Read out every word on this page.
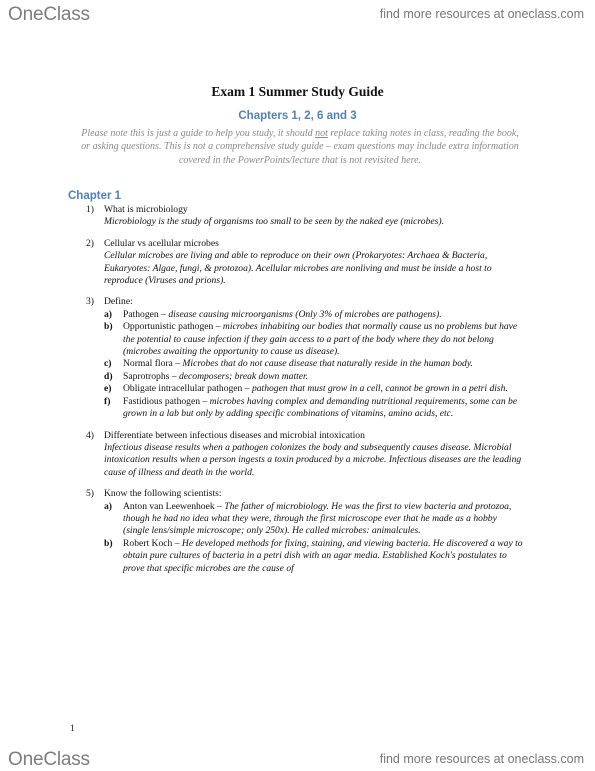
OneClass	find more resources at oneclass.com
Exam 1 Summer Study Guide
Chapters 1, 2, 6 and 3
Please note this is just a guide to help you study, it should not replace taking notes in class, reading the book, or asking questions. This is not a comprehensive study guide – exam questions may include extra information covered in the PowerPoints/lecture that is not revisited here.
Chapter 1
1) What is microbiology
Microbiology is the study of organisms too small to be seen by the naked eye (microbes).
2) Cellular vs acellular microbes
Cellular microbes are living and able to reproduce on their own (Prokaryotes: Archaea & Bacteria, Eukaryotes: Algae, fungi, & protozoa). Acellular microbes are nonliving and must be inside a host to reproduce (Viruses and prions).
3) Define:
a) Pathogen – disease causing microorganisms (Only 3% of microbes are pathogens).
b) Opportunistic pathogen – microbes inhabiting our bodies that normally cause us no problems but have the potential to cause infection if they gain access to a part of the body where they do not belong (microbes awaiting the opportunity to cause us disease).
c) Normal flora – Microbes that do not cause disease that naturally reside in the human body.
d) Saprotrophs – decomposers; break down matter.
e) Obligate intracellular pathogen – pathogen that must grow in a cell, cannot be grown in a petri dish.
f) Fastidious pathogen – microbes having complex and demanding nutritional requirements, some can be grown in a lab but only by adding specific combinations of vitamins, amino acids, etc.
4) Differentiate between infectious diseases and microbial intoxication
Infectious disease results when a pathogen colonizes the body and subsequently causes disease. Microbial intoxication results when a person ingests a toxin produced by a microbe. Infectious diseases are the leading cause of illness and death in the world.
5) Know the following scientists:
a) Anton van Leewenhoek – The father of microbiology. He was the first to view bacteria and protozoa, though he had no idea what they were, through the first microscope ever that he made as a hobby (single lens/simple microscope; only 250x). He called microbes: animalcules.
b) Robert Koch – He developed methods for fixing, staining, and viewing bacteria. He discovered a way to obtain pure cultures of bacteria in a petri dish with an agar media. Established Koch's postulates to prove that specific microbes are the cause of
1
OneClass	find more resources at oneclass.com
